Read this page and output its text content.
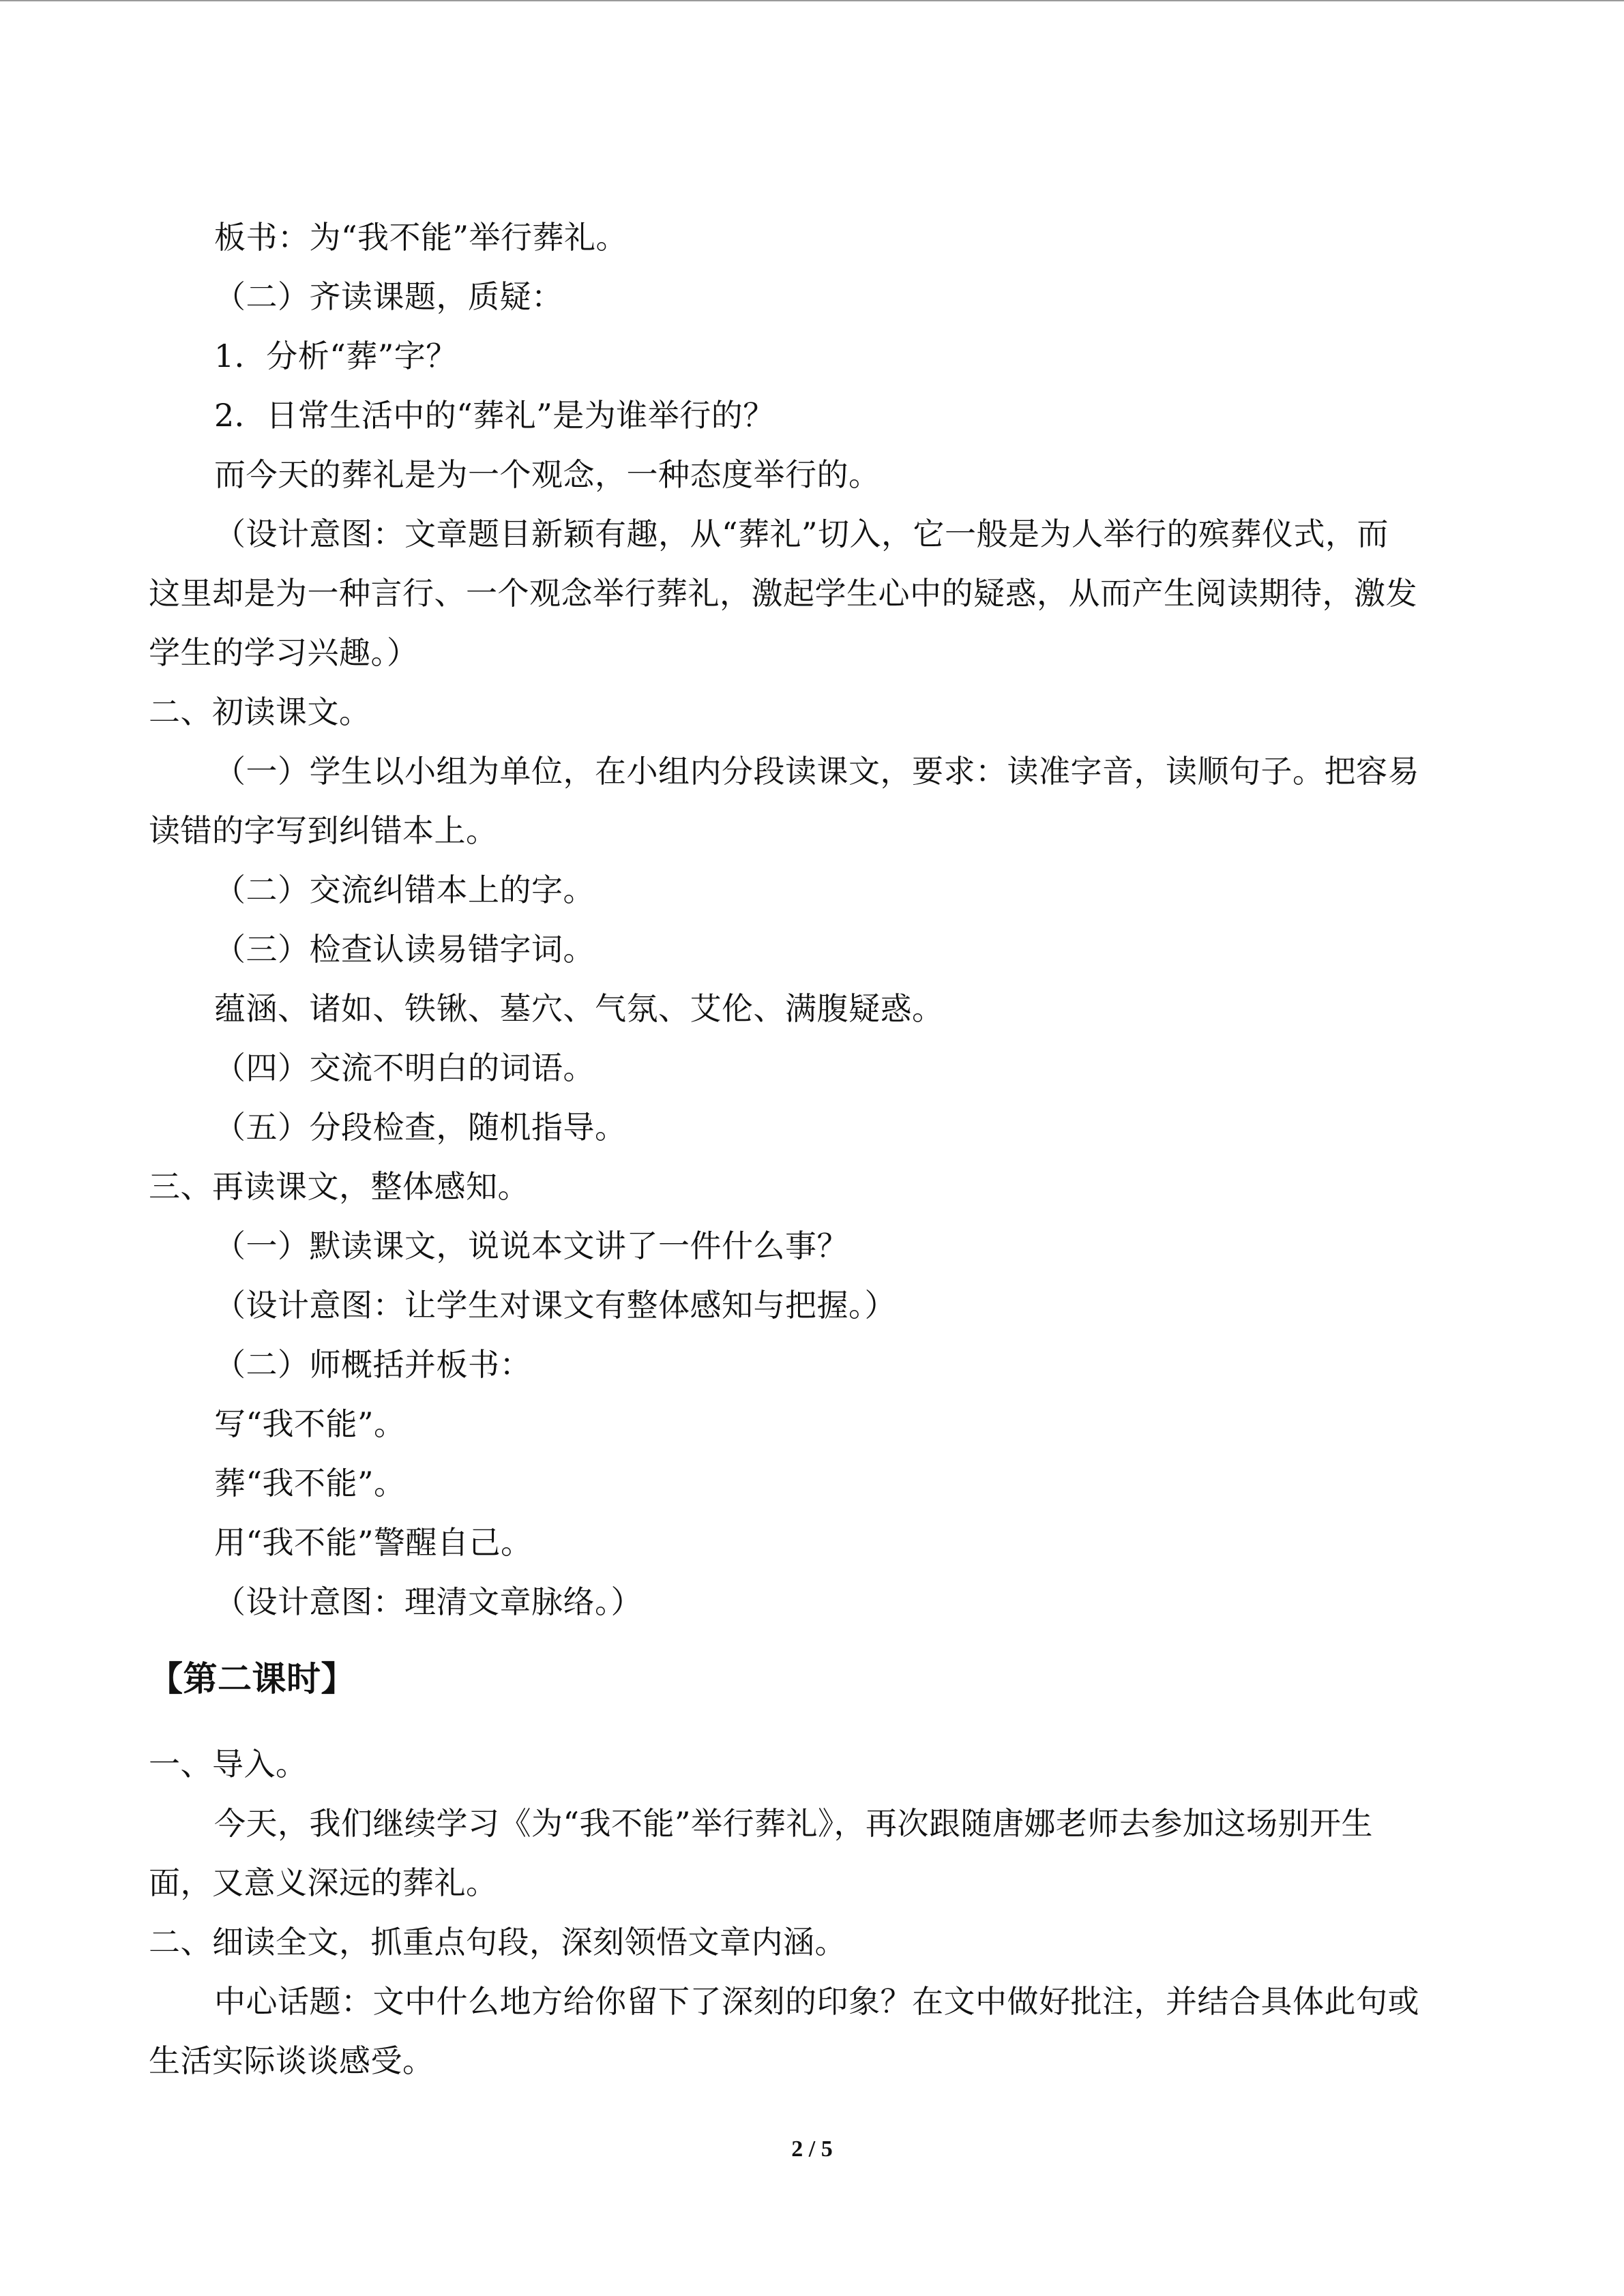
板书：为“我不能”举行葬礼。
（二）齐读课题，质疑：
1．分析“葬”字？
2．日常生活中的“葬礼”是为谁举行的？
而今天的葬礼是为一个观念，一种态度举行的。
（设计意图：文章题目新颖有趣，从“葬礼”切入，它一般是为人举行的殡葬仪式，而
这里却是为一种言行、一个观念举行葬礼，激起学生心中的疑惑，从而产生阅读期待，激发
学生的学习兴趣。）
二、初读课文。
（一）学生以小组为单位，在小组内分段读课文，要求：读准字音，读顺句子。把容易
读错的字写到纠错本上。
（二）交流纠错本上的字。
（三）检查认读易错字词。
蕴涵、诸如、铁锹、墓穴、气氛、艾伦、满腹疑惑。
（四）交流不明白的词语。
（五）分段检查，随机指导。
三、再读课文，整体感知。
（一）默读课文，说说本文讲了一件什么事？
（设计意图：让学生对课文有整体感知与把握。）
（二）师概括并板书：
写“我不能”。
葬“我不能”。
用“我不能”警醒自己。
（设计意图：理清文章脉络。）
【第二课时】
一、导入。
今天，我们继续学习《为“我不能”举行葬礼》，再次跟随唐娜老师去参加这场别开生
面，又意义深远的葬礼。
二、细读全文，抓重点句段，深刻领悟文章内涵。
中心话题：文中什么地方给你留下了深刻的印象？在文中做好批注，并结合具体此句或
生活实际谈谈感受。
2 / 5
